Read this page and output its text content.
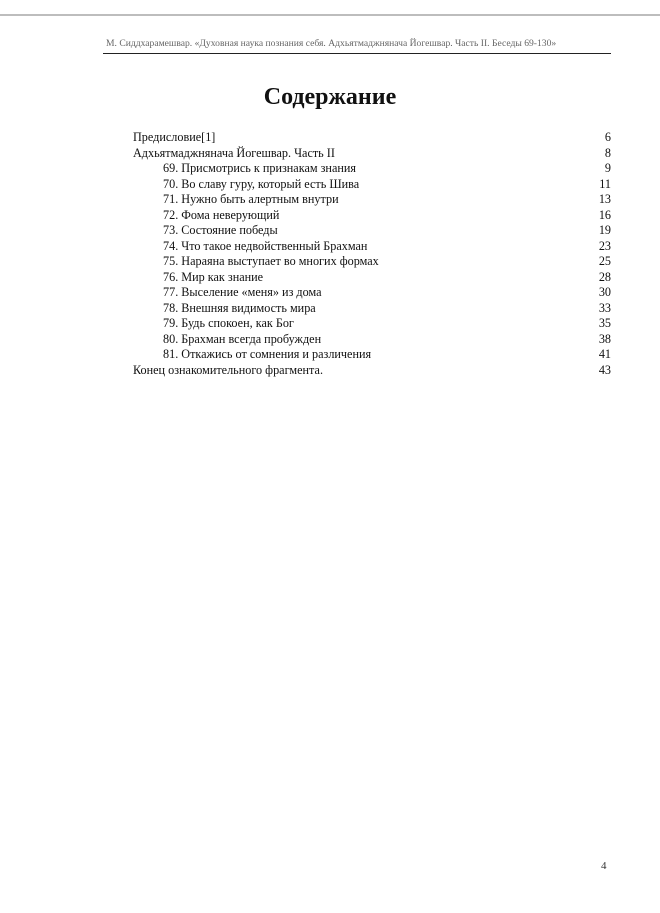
М. Сиддхарамешвар. «Духовная наука познания себя. Адхьятмаджнянача Йогешвар. Часть II. Беседы 69-130»
Содержание
Предисловие[1]	6
Адхьятмаджнянача Йогешвар. Часть II	8
69. Присмотрись к признакам знания	9
70. Во славу гуру, который есть Шива	11
71. Нужно быть алертным внутри	13
72. Фома неверующий	16
73. Состояние победы	19
74. Что такое недвойственный Брахман	23
75. Нараяна выступает во многих формах	25
76. Мир как знание	28
77. Выселение «меня» из дома	30
78. Внешняя видимость мира	33
79. Будь спокоен, как Бог	35
80. Брахман всегда пробужден	38
81. Откажись от сомнения и различения	41
Конец ознакомительного фрагмента.	43
4
